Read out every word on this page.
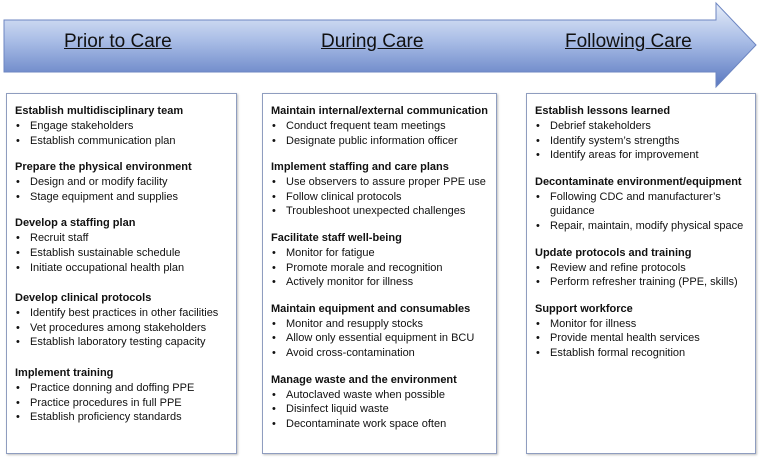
Prior to Care	During Care	Following Care
Establish multidisciplinary team
• Engage stakeholders
• Establish communication plan
Prepare the physical environment
• Design and or modify facility
• Stage equipment and supplies
Develop a staffing plan
• Recruit staff
• Establish sustainable schedule
• Initiate occupational health plan
Develop clinical protocols
• Identify best practices in other facilities
• Vet procedures among stakeholders
• Establish laboratory testing capacity
Implement training
• Practice donning and doffing PPE
• Practice procedures in full PPE
• Establish proficiency standards
Maintain internal/external communication
• Conduct frequent team meetings
• Designate public information officer
Implement staffing and care plans
• Use observers to assure proper PPE use
• Follow clinical protocols
• Troubleshoot unexpected challenges
Facilitate staff well-being
• Monitor for fatigue
• Promote morale and recognition
• Actively monitor for illness
Maintain equipment and consumables
• Monitor and resupply stocks
• Allow only essential equipment in BCU
• Avoid cross-contamination
Manage waste and the environment
• Autoclaved waste when possible
• Disinfect liquid waste
• Decontaminate work space often
Establish lessons learned
• Debrief stakeholders
• Identify system’s strengths
• Identify areas for improvement
Decontaminate environment/equipment
• Following CDC and manufacturer’s guidance
• Repair, maintain, modify physical space
Update protocols and training
• Review and refine protocols
• Perform refresher training (PPE, skills)
Support workforce
• Monitor for illness
• Provide mental health services
• Establish formal recognition
